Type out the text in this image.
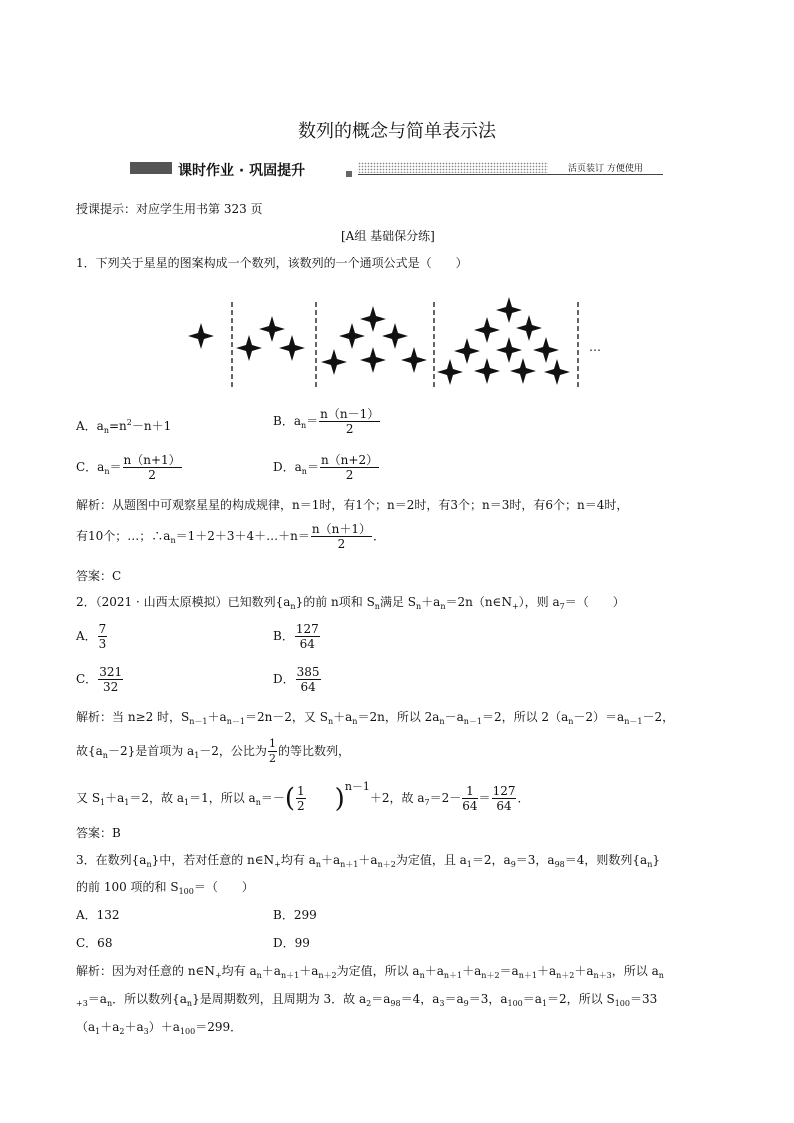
数列的概念与简单表示法
课时作业 · 巩固提升	活页装订 方便使用
授课提示：对应学生用书第 323 页
[A组 基础保分练]
1．下列关于星星的图案构成一个数列，该数列的一个通项公式是（　　）
…
A．$a_n=n^2-n+1$	B．$a_n= \frac{n(n-1)}{2}$
C．$a_n= \frac{n(n+1)}{2}$	D．$a_n= \frac{n(n+2)}{2}$
解析：从题图中可观察星星的构成规律，n＝1时，有1个；n＝2时，有3个；n＝3时，有6个；n＝4时，
有10个；…；$\therefore a_n=1+2+3+4+\dots+n= \frac{n(n+1)}{2}$ ．
答案：C
2．（2021 · 山西太原模拟）已知数列$\{a_n\}$的前 n项和 $S_n$满足 $S_n+a_n=2n(n\in N_+)$，则 $a_7=$（　　）
A． $\frac{7}{3}$	B． $\frac{127}{64}$
C． $\frac{321}{32}$	D． $\frac{385}{64}$
解析：当 n≥2 时，$S_{n-1}+a_{n-1}=2n-2$，又 $S_n+a_n=2n$，所以 $2a_n-a_{n-1}=2$，所以 $2(a_n-2)=a_{n-1}-2$，
故$\{a_n-2\}$是首项为 $a_1-2$，公比为 $\frac{1}{2}$ 的等比数列，
又 $S_1+a_1=2$，故 $a_1=1$，所以 $a_n=-( \frac{1}{2} )^{n-1}+2$，故 $a_7=2- \frac{1}{64} = \frac{127}{64}$ ．
答案：B
3．在数列$\{a_n\}$中，若对任意的 $n\in N_+$均有 $a_n+a_{n+1}+a_{n+2}$为定值，且 $a_1=2$，$a_9=3$，$a_{98}=4$，则数列$\{a_n\}$
的前 100 项的和 $S_{100}=$（　　）
A．132	B．299
C．68	D．99
解析：因为对任意的 $n\in N_+$均有 $a_n+a_{n+1}+a_{n+2}$为定值，所以 $a_n+a_{n+1}+a_{n+2}=a_{n+1}+a_{n+2}+a_{n+3}$，所以 $a_n$
$_{+3}=a_n$．所以数列$\{a_n\}$是周期数列，且周期为 3．故 $a_2=a_{98}=4$，$a_3=a_9=3$，$a_{100}=a_1=2$，所以 $S_{100}=33$
$(a_1+a_2+a_3)+a_{100}=299$．
